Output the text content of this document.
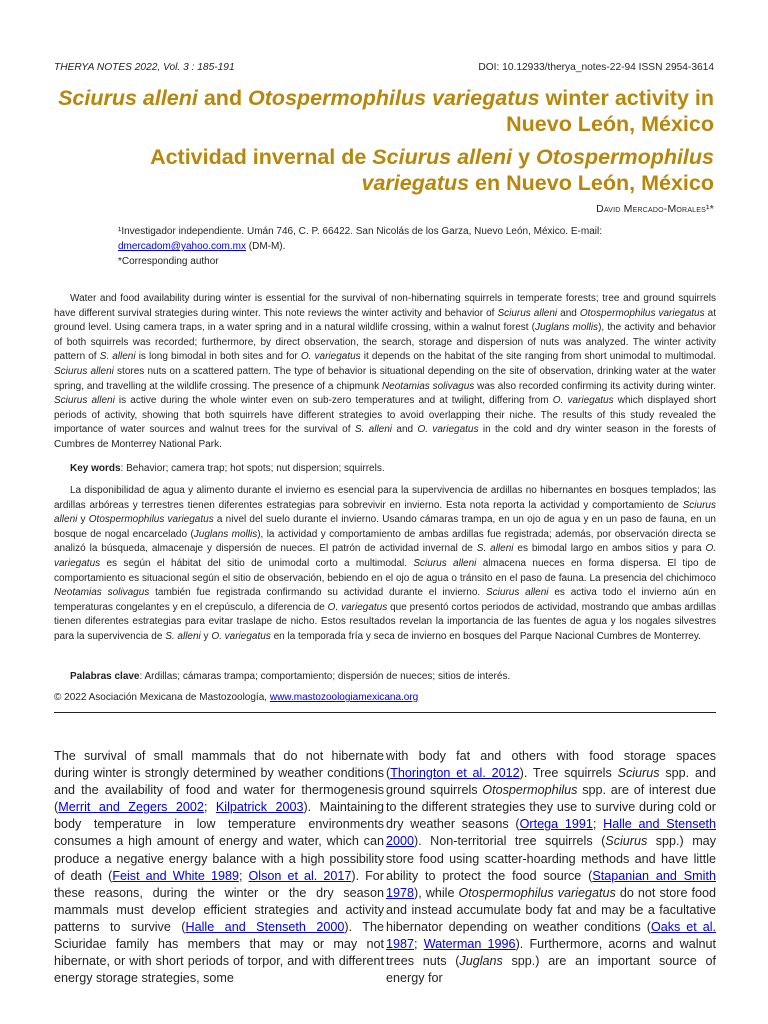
THERYA NOTES 2022, Vol. 3 : 185-191	DOI: 10.12933/therya_notes-22-94 ISSN 2954-3614
Sciurus alleni and Otospermophilus variegatus winter activity in Nuevo León, México
Actividad invernal de Sciurus alleni y Otospermophilus variegatus en Nuevo León, México
David Mercado-Morales¹*
¹Investigador independiente. Umán 746, C. P. 66422. San Nicolás de los Garza, Nuevo León, México. E-mail: dmercadom@yahoo.com.mx (DM-M).
*Corresponding author

Water and food availability during winter is essential for the survival of non-hibernating squirrels in temperate forests; tree and ground squirrels have different survival strategies during winter. This note reviews the winter activity and behavior of Sciurus alleni and Otospermophilus variegatus at ground level. Using camera traps, in a water spring and in a natural wildlife crossing, within a walnut forest (Juglans mollis), the activity and behavior of both squirrels was recorded; furthermore, by direct observation, the search, storage and dispersion of nuts was analyzed. The winter activity pattern of S. alleni is long bimodal in both sites and for O. variegatus it depends on the habitat of the site ranging from short unimodal to multimodal. Sciurus alleni stores nuts on a scattered pattern. The type of behavior is situational depending on the site of observation, drinking water at the water spring, and travelling at the wildlife crossing. The presence of a chipmunk Neotamias solivagus was also recorded confirming its activity during winter. Sciurus alleni is active during the whole winter even on sub-zero temperatures and at twilight, differing from O. variegatus which displayed short periods of activity, showing that both squirrels have different strategies to avoid overlapping their niche. The results of this study revealed the importance of water sources and walnut trees for the survival of S. alleni and O. variegatus in the cold and dry winter season in the forests of Cumbres de Monterrey National Park.

Key words: Behavior; camera trap; hot spots; nut dispersion; squirrels.

La disponibilidad de agua y alimento durante el invierno es esencial para la supervivencia de ardillas no hibernantes en bosques templados; las ardillas arbóreas y terrestres tienen diferentes estrategias para sobrevivir en invierno. Esta nota reporta la actividad y comportamiento de Sciurus alleni y Otospermophilus variegatus a nivel del suelo durante el invierno. Usando cámaras trampa, en un ojo de agua y en un paso de fauna, en un bosque de nogal encarcelado (Juglans mollis), la actividad y comportamiento de ambas ardillas fue registrada; además, por observación directa se analizó la búsqueda, almacenaje y dispersión de nueces. El patrón de actividad invernal de S. alleni es bimodal largo en ambos sitios y para O. variegatus es según el hábitat del sitio de unimodal corto a multimodal. Sciurus alleni almacena nueces en forma dispersa. El tipo de comportamiento es situacional según el sitio de observación, bebiendo en el ojo de agua o tránsito en el paso de fauna. La presencia del chichimoco Neotamias solivagus también fue registrada confirmando su actividad durante el invierno. Sciurus alleni es activa todo el invierno aún en temperaturas congelantes y en el crepúsculo, a diferencia de O. variegatus que presentó cortos periodos de actividad, mostrando que ambas ardillas tienen diferentes estrategias para evitar traslape de nicho. Estos resultados revelan la importancia de las fuentes de agua y los nogales silvestres para la supervivencia de S. alleni y O. variegatus en la temporada fría y seca de invierno en bosques del Parque Nacional Cumbres de Monterrey.

Palabras clave: Ardillas; cámaras trampa; comportamiento; dispersión de nueces; sitios de interés.

© 2022 Asociación Mexicana de Mastozoología, www.mastozoologiamexicana.org

The survival of small mammals that do not hibernate during winter is strongly determined by weather conditions and the availability of food and water for thermogenesis (Merrit and Zegers 2002; Kilpatrick 2003). Maintaining body temperature in low temperature environments consumes a high amount of energy and water, which can produce a negative energy balance with a high possibility of death (Feist and White 1989; Olson et al. 2017). For these reasons, during the winter or the dry season mammals must develop efficient strategies and activity patterns to survive (Halle and Stenseth 2000). The Sciuridae family has members that may or may not hibernate, or with short periods of torpor, and with different energy storage strategies, some

with body fat and others with food storage spaces (Thorington et al. 2012). Tree squirrels Sciurus spp. and ground squirrels Otospermophilus spp. are of interest due to the different strategies they use to survive during cold or dry weather seasons (Ortega 1991; Halle and Stenseth 2000). Non-territorial tree squirrels (Sciurus spp.) may store food using scatter-hoarding methods and have little ability to protect the food source (Stapanian and Smith 1978), while Otospermophilus variegatus do not store food and instead accumulate body fat and may be a facultative hibernator depending on weather conditions (Oaks et al. 1987; Waterman 1996). Furthermore, acorns and walnut trees nuts (Juglans spp.) are an important source of energy for
